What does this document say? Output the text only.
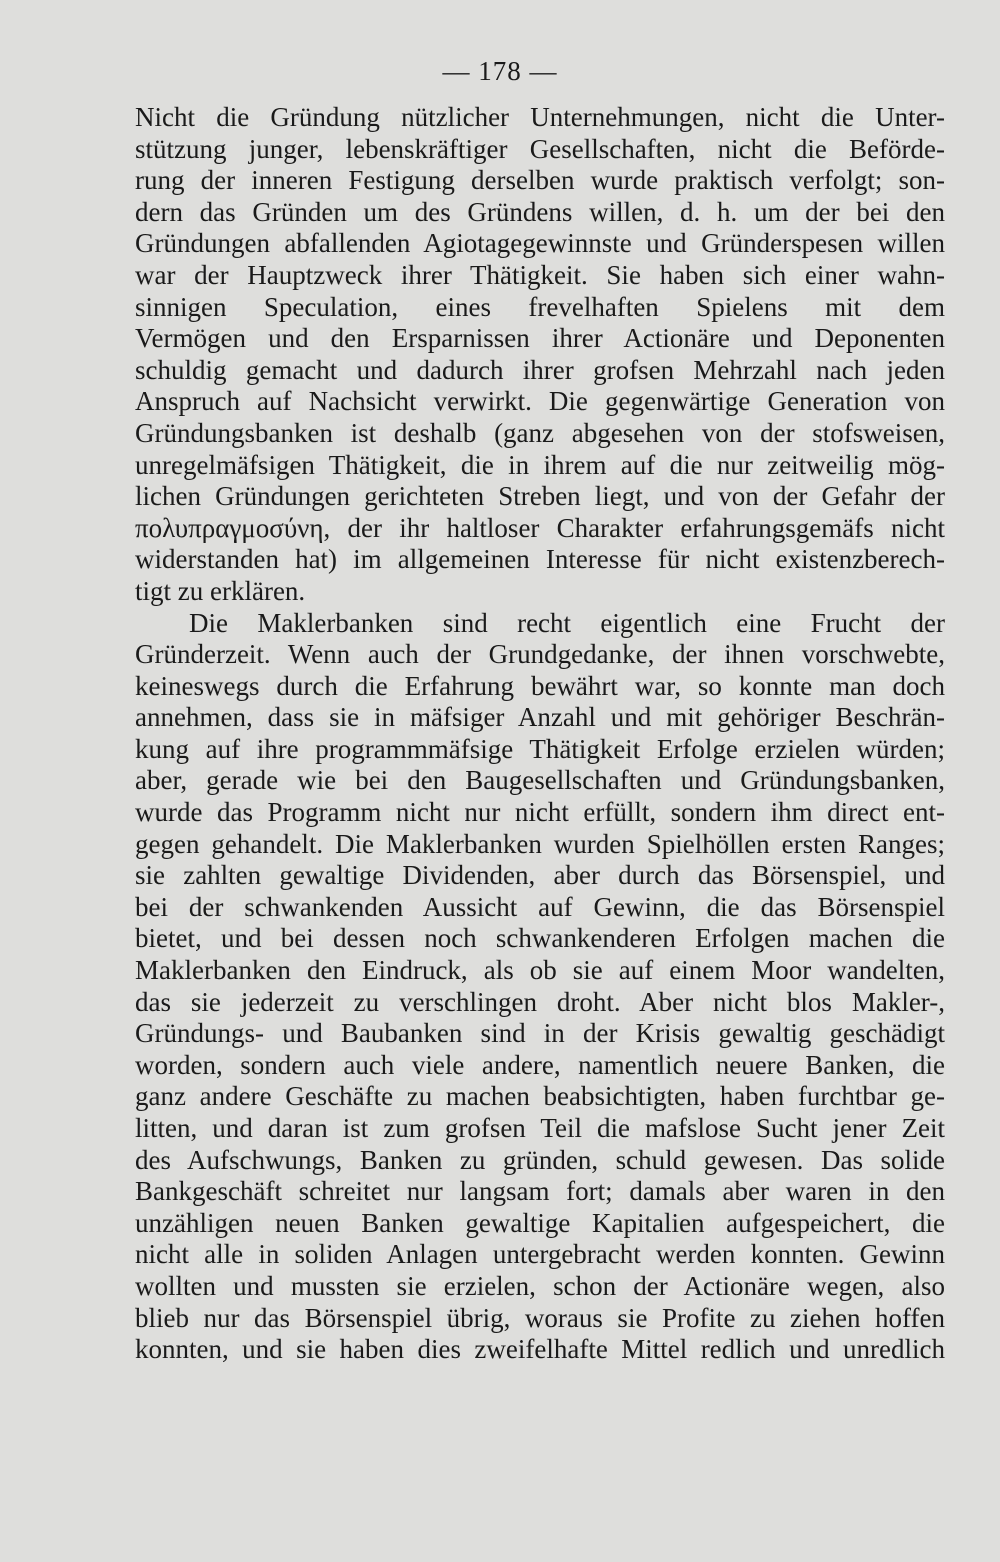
— 178 —
Nicht die Gründung nützlicher Unternehmungen, nicht die Unter-
stützung junger, lebenskräftiger Gesellschaften, nicht die Beförde-
rung der inneren Festigung derselben wurde praktisch verfolgt; son-
dern das Gründen um des Gründens willen, d. h. um der bei den
Gründungen abfallenden Agiotagegewinnste und Gründerspesen willen
war der Hauptzweck ihrer Thätigkeit. Sie haben sich einer wahn-
sinnigen Speculation, eines frevelhaften Spielens mit dem
Vermögen und den Ersparnissen ihrer Actionäre und Deponenten
schuldig gemacht und dadurch ihrer grofsen Mehrzahl nach jeden
Anspruch auf Nachsicht verwirkt. Die gegenwärtige Generation von
Gründungsbanken ist deshalb (ganz abgesehen von der stofsweisen,
unregelmäfsigen Thätigkeit, die in ihrem auf die nur zeitweilig mög-
lichen Gründungen gerichteten Streben liegt, und von der Gefahr der
πολυπραγμοσύνη, der ihr haltloser Charakter erfahrungsgemäfs nicht
widerstanden hat) im allgemeinen Interesse für nicht existenzberech-
tigt zu erklären.
Die Maklerbanken sind recht eigentlich eine Frucht der
Gründerzeit. Wenn auch der Grundgedanke, der ihnen vorschwebte,
keineswegs durch die Erfahrung bewährt war, so konnte man doch
annehmen, dass sie in mäfsiger Anzahl und mit gehöriger Beschrän-
kung auf ihre programmmäfsige Thätigkeit Erfolge erzielen würden;
aber, gerade wie bei den Baugesellschaften und Gründungsbanken,
wurde das Programm nicht nur nicht erfüllt, sondern ihm direct ent-
gegen gehandelt. Die Maklerbanken wurden Spielhöllen ersten Ranges;
sie zahlten gewaltige Dividenden, aber durch das Börsenspiel, und
bei der schwankenden Aussicht auf Gewinn, die das Börsenspiel
bietet, und bei dessen noch schwankenderen Erfolgen machen die
Maklerbanken den Eindruck, als ob sie auf einem Moor wandelten,
das sie jederzeit zu verschlingen droht. Aber nicht blos Makler-,
Gründungs- und Baubanken sind in der Krisis gewaltig geschädigt
worden, sondern auch viele andere, namentlich neuere Banken, die
ganz andere Geschäfte zu machen beabsichtigten, haben furchtbar ge-
litten, und daran ist zum grofsen Teil die mafslose Sucht jener Zeit
des Aufschwungs, Banken zu gründen, schuld gewesen. Das solide
Bankgeschäft schreitet nur langsam fort; damals aber waren in den
unzähligen neuen Banken gewaltige Kapitalien aufgespeichert, die
nicht alle in soliden Anlagen untergebracht werden konnten. Gewinn
wollten und mussten sie erzielen, schon der Actionäre wegen, also
blieb nur das Börsenspiel übrig, woraus sie Profite zu ziehen hoffen
konnten, und sie haben dies zweifelhafte Mittel redlich und unredlich
